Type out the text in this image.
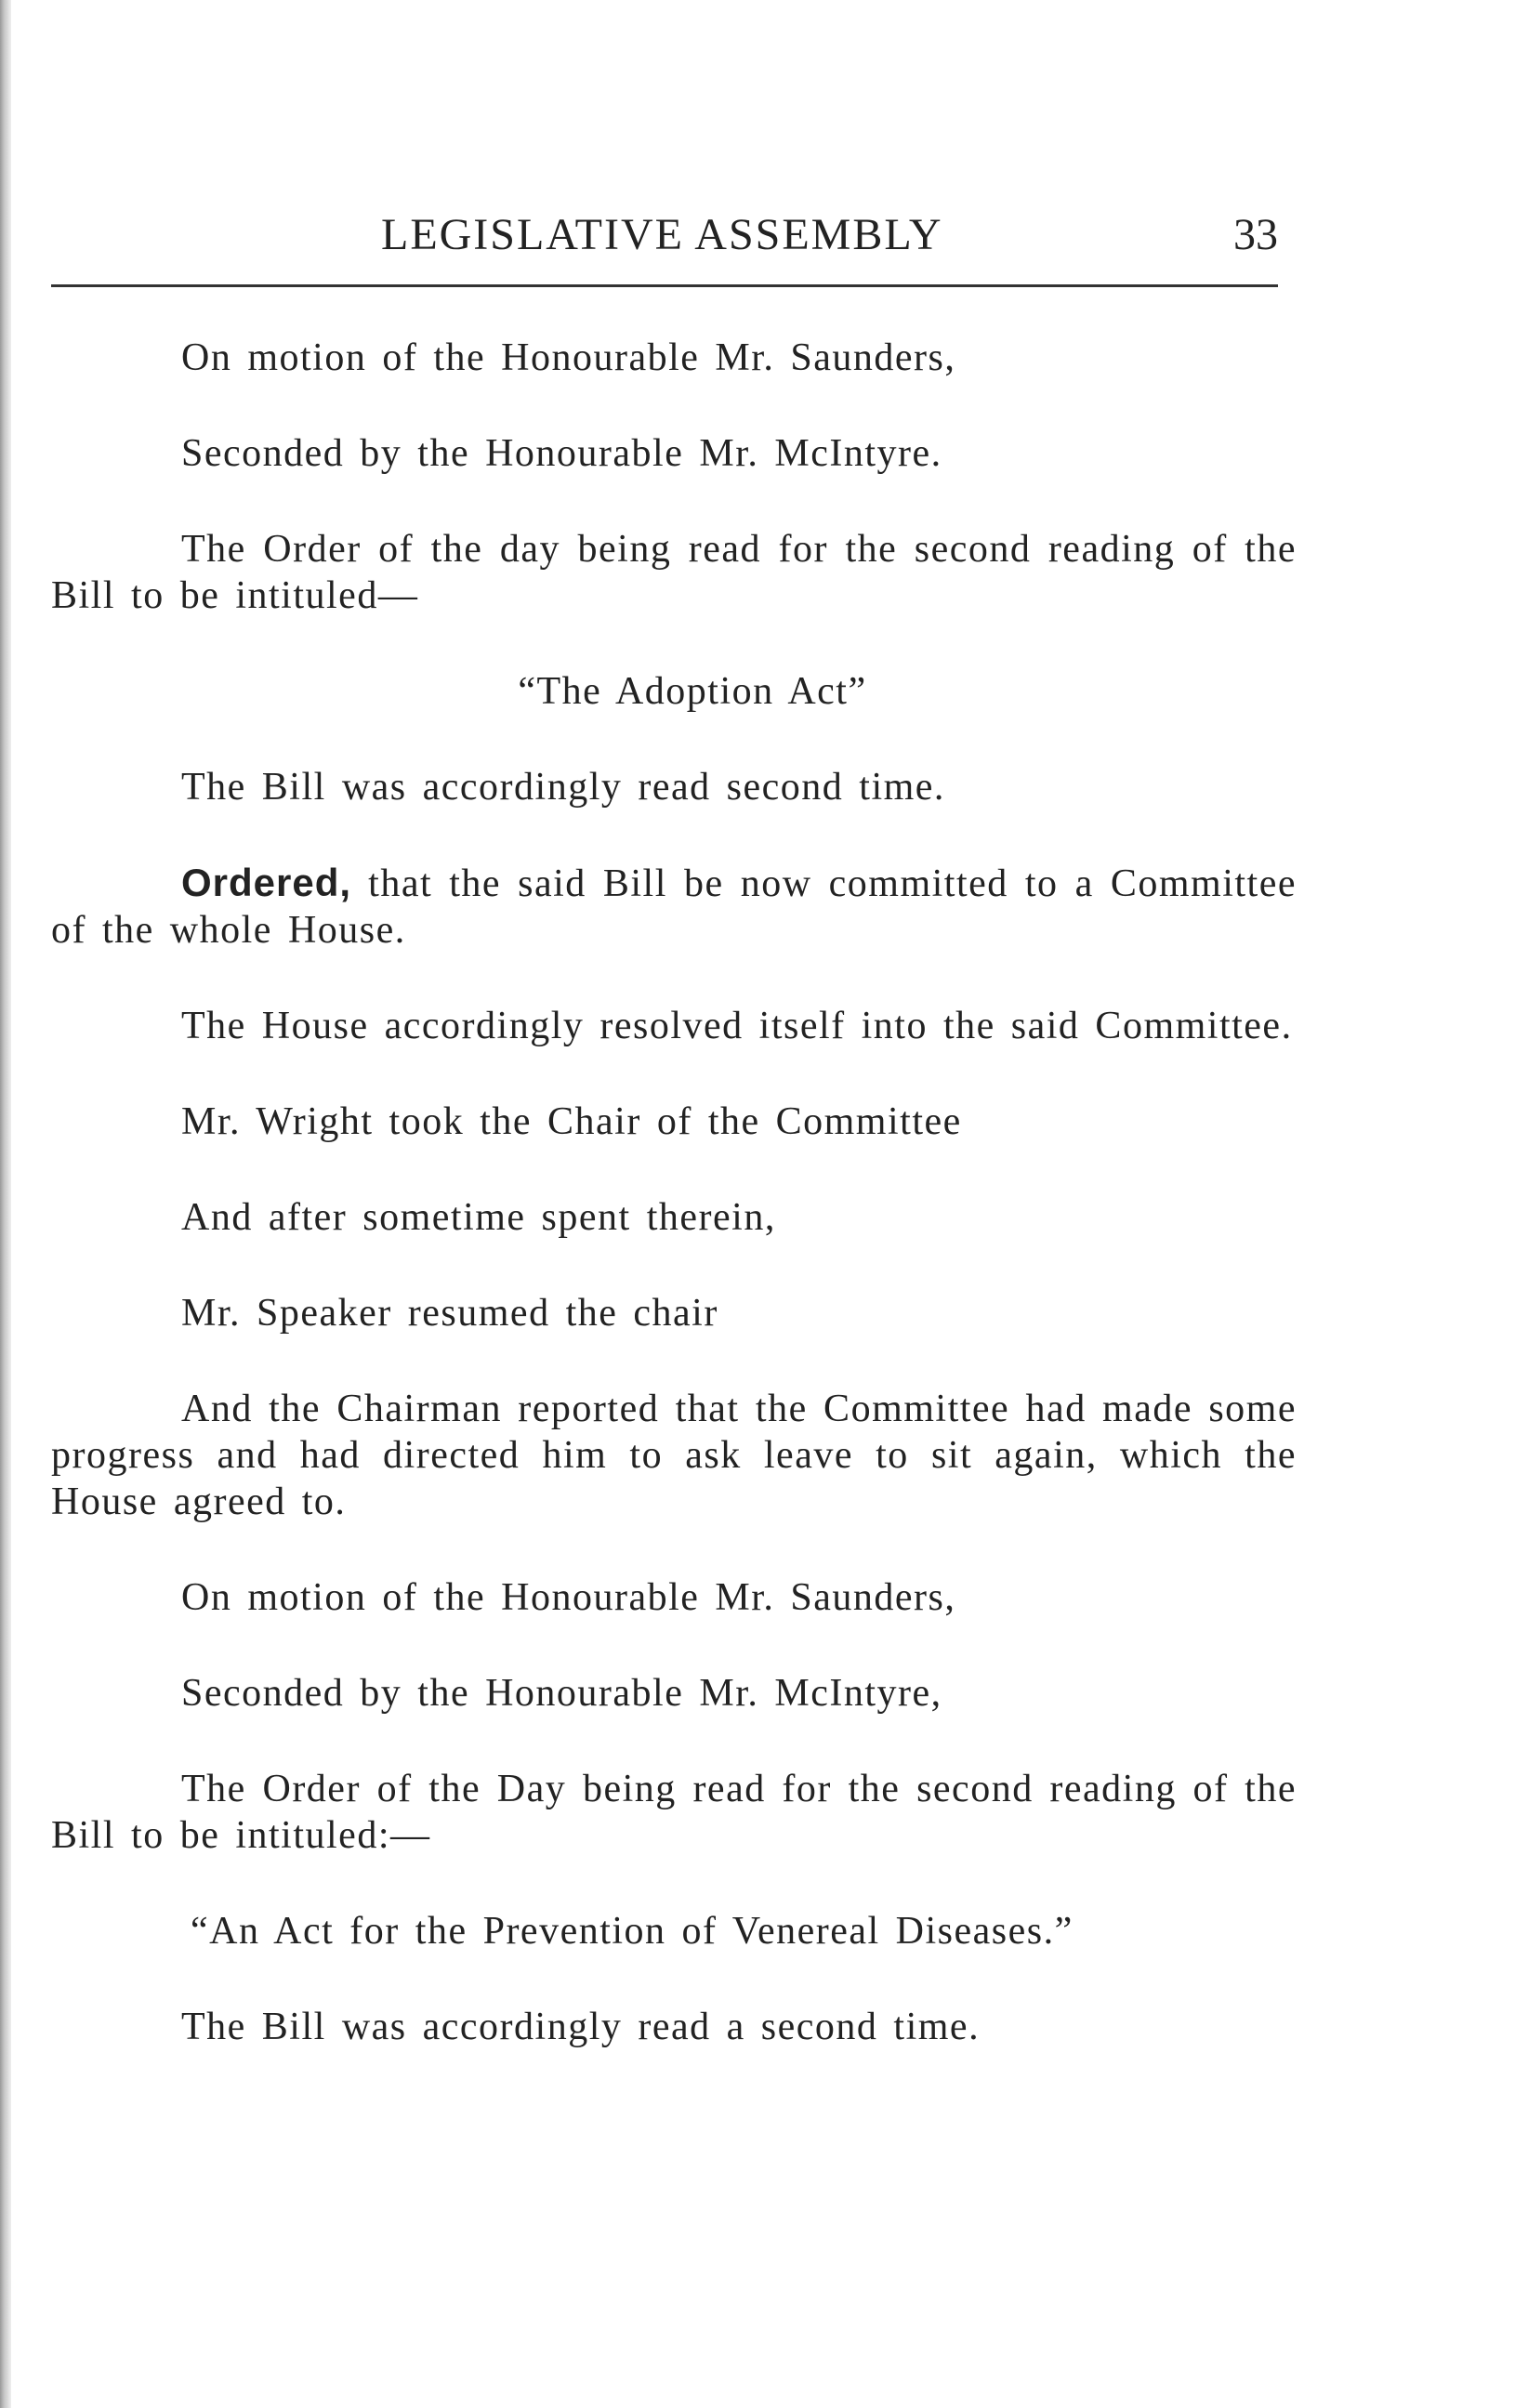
LEGISLATIVE ASSEMBLY	33

On motion of the Honourable Mr. Saunders,

Seconded by the Honourable Mr. McIntyre.

The Order of the day being read for the second reading of the Bill to be intituled—

“The Adoption Act”

The Bill was accordingly read second time.

Ordered, that the said Bill be now committed to a Committee of the whole House.

The House accordingly resolved itself into the said Committee.

Mr. Wright took the Chair of the Committee

And after sometime spent therein,

Mr. Speaker resumed the chair

And the Chairman reported that the Committee had made some progress and had directed him to ask leave to sit again, which the House agreed to.

On motion of the Honourable Mr. Saunders,

Seconded by the Honourable Mr. McIntyre,

The Order of the Day being read for the second reading of the Bill to be intituled:—

“An Act for the Prevention of Venereal Diseases.”

The Bill was accordingly read a second time.
